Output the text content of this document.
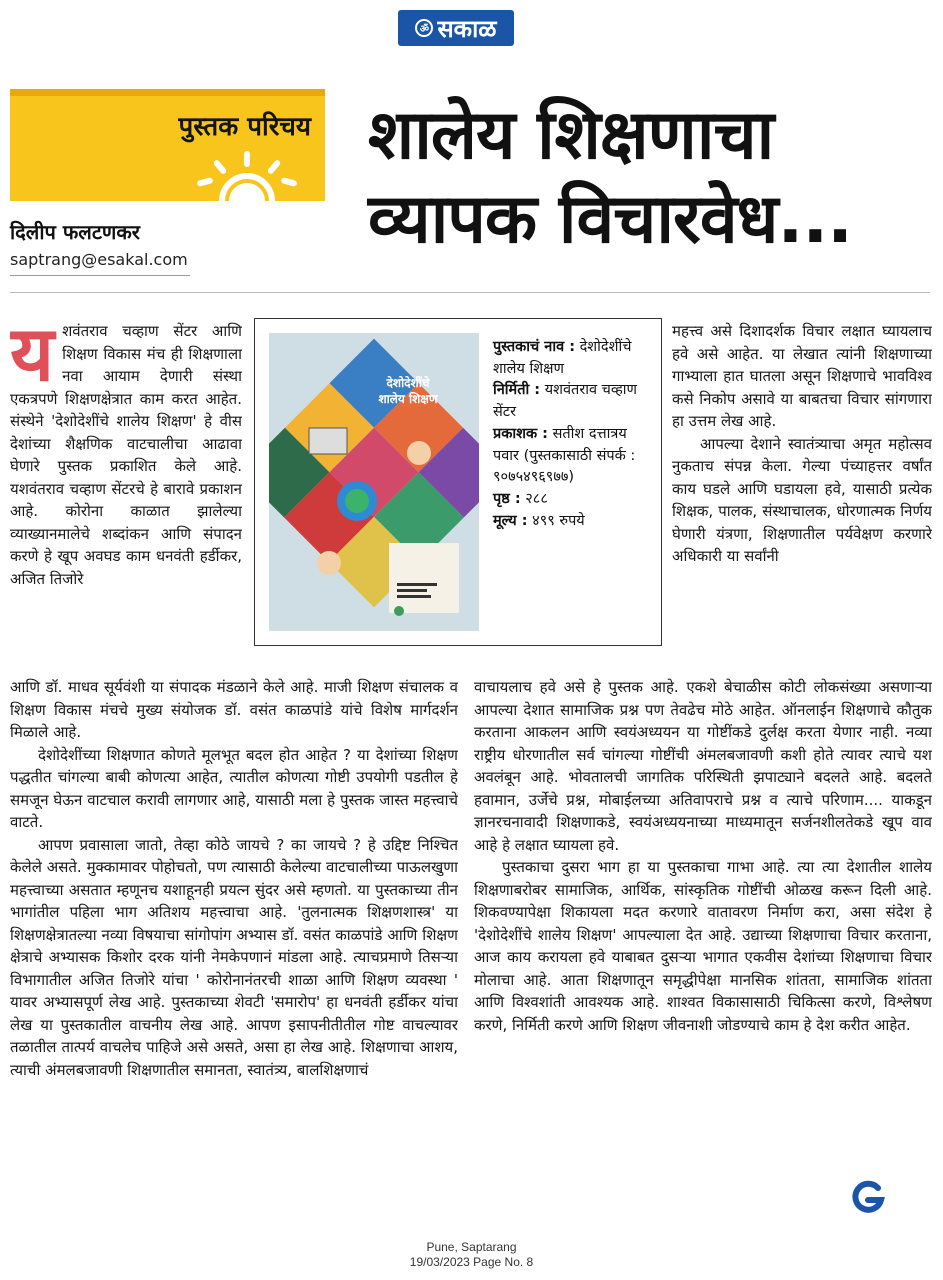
ॐ सकाळ
पुस्तक परिचय शालेय शिक्षणाचा
व्यापक विचारवेध...
दिलीप फलटणकर
saptrang@esakal.com
य शवंतराव चव्हाण सेंटर आणि शिक्षण विकास मंच ही शिक्षणाला नवा आयाम देणारी संस्था एकत्रपणे शिक्षणक्षेत्रात काम करत आहेत. संस्थेने 'देशोदेशींचे शालेय शिक्षण' हे वीस देशांच्या शैक्षणिक वाटचालीचा आढावा घेणारे पुस्तक प्रकाशित केले आहे. यशवंतराव चव्हाण सेंटरचे हे बारावे प्रकाशन आहे. कोरोना काळात झालेल्या व्याख्यानमालेचे शब्दांकन आणि संपादन करणे हे खूप अवघड काम धनवंती हर्डीकर, अजित तिजोरे
देशोदेशींचे
शालेय शिक्षण
पुस्तकाचं नाव : देशोदेशींचे शालेय शिक्षण
निर्मिती : यशवंतराव चव्हाण सेंटर
प्रकाशक : सतीश दत्तात्रय पवार (पुस्तकासाठी संपर्क : ९०७५४९६९७७)
पृष्ठ : २८८
मूल्य : ४९९ रुपये

महत्त्व असे दिशादर्शक विचार लक्षात घ्यायलाच हवे असे आहेत. या लेखात त्यांनी शिक्षणाच्या गाभ्याला हात घातला असून शिक्षणाचे भावविश्व कसे निकोप असावे या बाबतचा विचार सांगणारा हा उत्तम लेख आहे.

आपल्या देशाने स्वातंत्र्याचा अमृत महोत्सव नुकताच संपन्न केला. गेल्या पंच्याहत्तर वर्षांत काय घडले आणि घडायला हवे, यासाठी प्रत्येक शिक्षक, पालक, संस्थाचालक, धोरणात्मक निर्णय घेणारी यंत्रणा, शिक्षणातील पर्यवेक्षण करणारे अधिकारी या सर्वांनी

आणि डॉ. माधव सूर्यवंशी या संपादक मंडळाने केले आहे. माजी शिक्षण संचालक व शिक्षण विकास मंचचे मुख्य संयोजक डॉ. वसंत काळपांडे यांचे विशेष मार्गदर्शन मिळाले आहे.

देशोदेशींच्या शिक्षणात कोणते मूलभूत बदल होत आहेत ? या देशांच्या शिक्षण पद्धतीत चांगल्या बाबी कोणत्या आहेत, त्यातील कोणत्या गोष्टी उपयोगी पडतील हे समजून घेऊन वाटचाल करावी लागणार आहे, यासाठी मला हे पुस्तक जास्त महत्त्वाचे वाटते.

आपण प्रवासाला जातो, तेव्हा कोठे जायचे ? का जायचे ? हे उद्दिष्ट निश्चित केलेले असते. मुक्कामावर पोहोचतो, पण त्यासाठी केलेल्या वाटचालीच्या पाऊलखुणा महत्त्वाच्या असतात म्हणूनच यशाहूनही प्रयत्न सुंदर असे म्हणतो. या पुस्तकाच्या तीन भागांतील पहिला भाग अतिशय महत्त्वाचा आहे. 'तुलनात्मक शिक्षणशास्त्र' या शिक्षणक्षेत्रातल्या नव्या विषयाचा सांगोपांग अभ्यास डॉ. वसंत काळपांडे आणि शिक्षण क्षेत्राचे अभ्यासक किशोर दरक यांनी नेमकेपणानं मांडला आहे. त्याचप्रमाणे तिसऱ्या विभागातील अजित तिजोरे यांचा ' कोरोनानंतरची शाळा आणि शिक्षण व्यवस्था ' यावर अभ्यासपूर्ण लेख आहे. पुस्तकाच्या शेवटी 'समारोप' हा धनवंती हर्डीकर यांचा लेख या पुस्तकातील वाचनीय लेख आहे. आपण इसापनीतीतील गोष्ट वाचल्यावर तळातील तात्पर्य वाचलेच पाहिजे असे असते, असा हा लेख आहे. शिक्षणाचा आशय, त्याची अंमलबजावणी शिक्षणातील समानता, स्वातंत्र्य, बालशिक्षणाचं

वाचायलाच हवे असे हे पुस्तक आहे. एकशे बेचाळीस कोटी लोकसंख्या असणाऱ्या आपल्या देशात सामाजिक प्रश्न पण तेवढेच मोठे आहेत. ऑनलाईन शिक्षणाचे कौतुक करताना आकलन आणि स्वयंअध्ययन या गोष्टींकडे दुर्लक्ष करता येणार नाही. नव्या राष्ट्रीय धोरणातील सर्व चांगल्या गोष्टींची अंमलबजावणी कशी होते त्यावर त्याचे यश अवलंबून आहे. भोवतालची जागतिक परिस्थिती झपाट्याने बदलते आहे. बदलते हवामान, उर्जेचे प्रश्न, मोबाईलच्या अतिवापराचे प्रश्न व त्याचे परिणाम.... याकडून ज्ञानरचनावादी शिक्षणाकडे, स्वयंअध्ययनाच्या माध्यमातून सर्जनशीलतेकडे खूप वाव आहे हे लक्षात घ्यायला हवे.

पुस्तकाचा दुसरा भाग हा या पुस्तकाचा गाभा आहे. त्या त्या देशातील शालेय शिक्षणाबरोबर सामाजिक, आर्थिक, सांस्कृतिक गोष्टींची ओळख करून दिली आहे. शिकवण्यापेक्षा शिकायला मदत करणारे वातावरण निर्माण करा, असा संदेश हे 'देशोदेशींचे शालेय शिक्षण' आपल्याला देत आहे. उद्याच्या शिक्षणाचा विचार करताना, आज काय करायला हवे याबाबत दुसऱ्या भागात एकवीस देशांच्या शिक्षणाचा विचार मोलाचा आहे. आता शिक्षणातून समृद्धीपेक्षा मानसिक शांतता, सामाजिक शांतता आणि विश्वशांती आवश्यक आहे. शाश्वत विकासासाठी चिकित्सा करणे, विश्लेषण करणे, निर्मिती करणे आणि शिक्षण जीवनाशी जोडण्याचे काम हे देश करीत आहेत.

Pune, Saptarang
19/03/2023 Page No. 8
